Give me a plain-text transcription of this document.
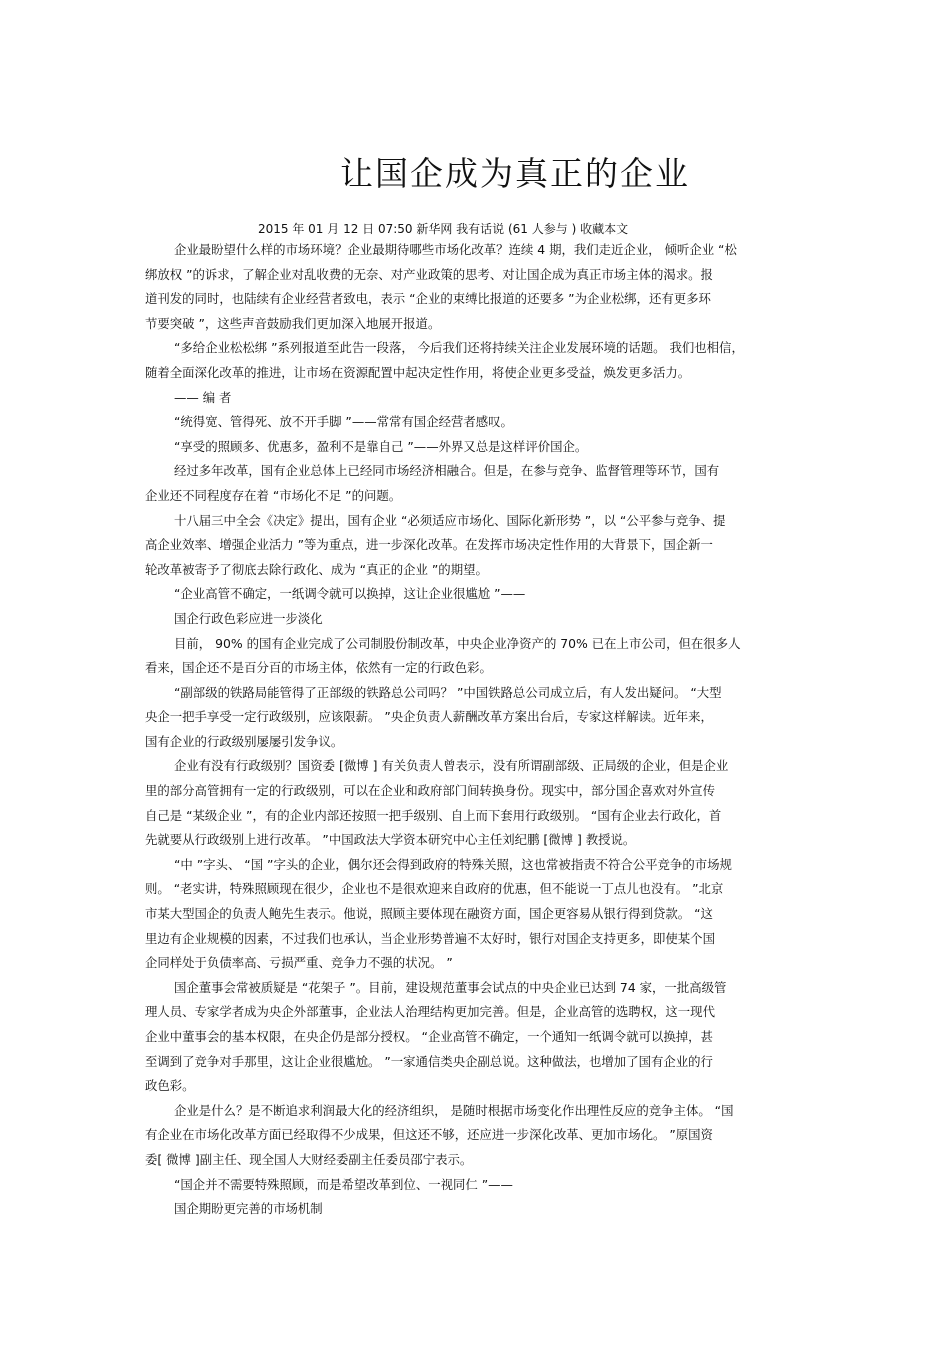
让国企成为真正的企业
2015 年 01 月 12 日 07:50 新华网 我有话说 (61 人参与 ) 收藏本文

企业最盼望什么样的市场环境？企业最期待哪些市场化改革？连续 4 期，我们走近企业， 倾听企业 “松

绑放权 ”的诉求，了解企业对乱收费的无奈、对产业政策的思考、对让国企成为真正市场主体的渴求。报

道刊发的同时，也陆续有企业经营者致电，表示 “企业的束缚比报道的还要多 ”为企业松绑，还有更多环

节要突破 ”，这些声音鼓励我们更加深入地展开报道。

“多给企业松松绑 ”系列报道至此告一段落， 今后我们还将持续关注企业发展环境的话题。 我们也相信，

随着全面深化改革的推进，让市场在资源配置中起决定性作用，将使企业更多受益，焕发更多活力。

—— 编 者

“统得宽、管得死、放不开手脚 ”——常常有国企经营者感叹。

“享受的照顾多、优惠多，盈利不是靠自己 ”——外界又总是这样评价国企。

经过多年改革，国有企业总体上已经同市场经济相融合。但是，在参与竞争、监督管理等环节，国有

企业还不同程度存在着 “市场化不足 ”的问题。

十八届三中全会《决定》提出，国有企业 “必须适应市场化、国际化新形势 ”，以 “公平参与竞争、提

高企业效率、增强企业活力 ”等为重点，进一步深化改革。在发挥市场决定性作用的大背景下，国企新一

轮改革被寄予了彻底去除行政化、成为 “真正的企业 ”的期望。

“企业高管不确定，一纸调令就可以换掉，这让企业很尴尬 ”——

国企行政色彩应进一步淡化

目前， 90% 的国有企业完成了公司制股份制改革，中央企业净资产的 70% 已在上市公司，但在很多人

看来，国企还不是百分百的市场主体，依然有一定的行政色彩。

“副部级的铁路局能管得了正部级的铁路总公司吗？ ”中国铁路总公司成立后，有人发出疑问。 “大型

央企一把手享受一定行政级别，应该限薪。 ”央企负责人薪酬改革方案出台后，专家这样解读。近年来，

国有企业的行政级别屡屡引发争议。

企业有没有行政级别？国资委 [微博 ] 有关负责人曾表示，没有所谓副部级、正局级的企业，但是企业

里的部分高管拥有一定的行政级别，可以在企业和政府部门间转换身份。现实中，部分国企喜欢对外宣传

自己是 “某级企业 ”，有的企业内部还按照一把手级别、自上而下套用行政级别。 “国有企业去行政化，首

先就要从行政级别上进行改革。 ”中国政法大学资本研究中心主任刘纪鹏 [微博 ] 教授说。

“中 ”字头、 “国 ”字头的企业，偶尔还会得到政府的特殊关照，这也常被指责不符合公平竞争的市场规

则。 “老实讲，特殊照顾现在很少，企业也不是很欢迎来自政府的优惠，但不能说一丁点儿也没有。 ”北京

市某大型国企的负责人鲍先生表示。他说，照顾主要体现在融资方面，国企更容易从银行得到贷款。 “这

里边有企业规模的因素，不过我们也承认，当企业形势普遍不太好时，银行对国企支持更多，即使某个国

企同样处于负债率高、亏损严重、竞争力不强的状况。 ”

国企董事会常被质疑是 “花架子 ”。目前，建设规范董事会试点的中央企业已达到 74 家，一批高级管

理人员、专家学者成为央企外部董事，企业法人治理结构更加完善。但是，企业高管的选聘权，这一现代

企业中董事会的基本权限，在央企仍是部分授权。 “企业高管不确定，一个通知一纸调令就可以换掉，甚

至调到了竞争对手那里，这让企业很尴尬。 ”一家通信类央企副总说。这种做法，也增加了国有企业的行

政色彩。

企业是什么？是不断追求利润最大化的经济组织， 是随时根据市场变化作出理性反应的竞争主体。 “国

有企业在市场化改革方面已经取得不少成果，但这还不够，还应进一步深化改革、更加市场化。 ”原国资

委[ 微博 ]副主任、现全国人大财经委副主任委员邵宁表示。

“国企并不需要特殊照顾，而是希望改革到位、一视同仁 ”——

国企期盼更完善的市场机制
